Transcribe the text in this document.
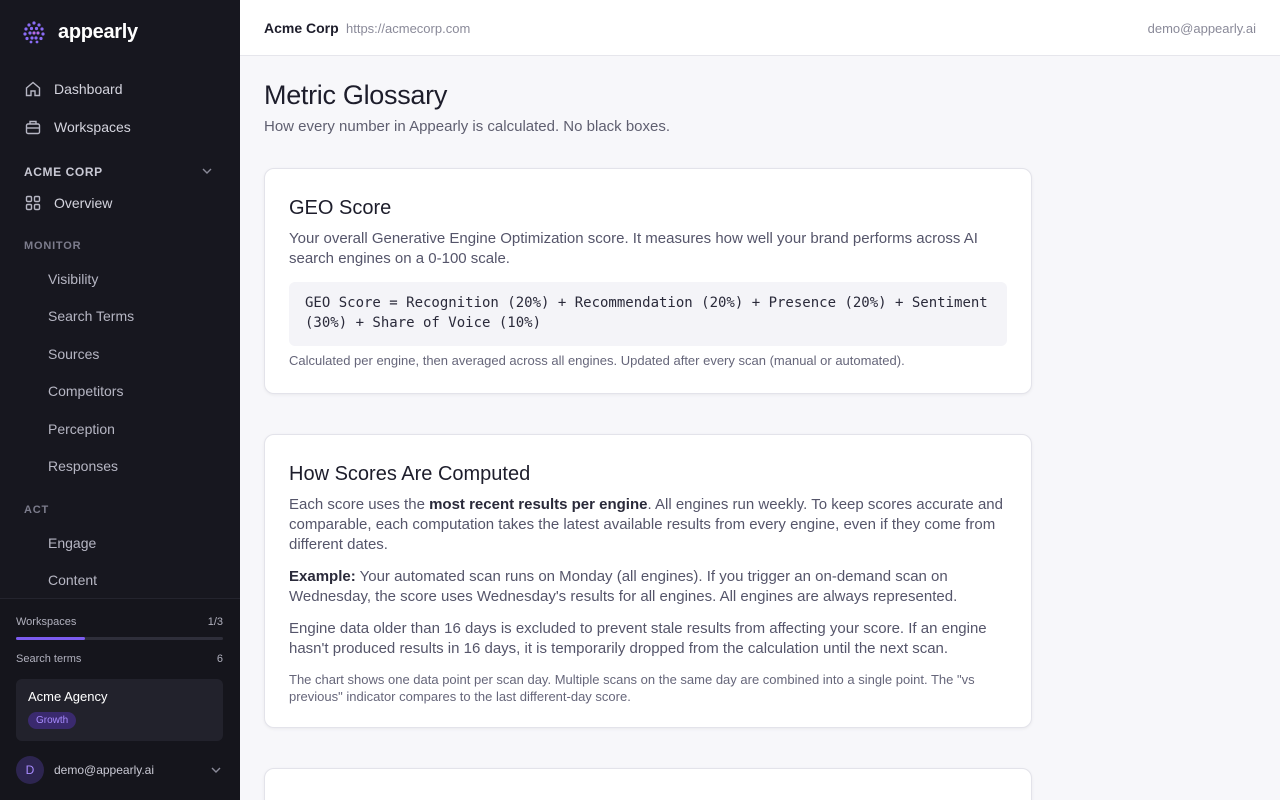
appearly
Dashboard
Workspaces
ACME CORP
Overview
MONITOR
Visibility
Search Terms
Sources
Competitors
Perception
Responses
ACT
Engage
Content
Workspaces	1/3
Search terms	6
Acme Agency
Growth
D	demo@appearly.ai
Acme Corp https://acmecorp.com	demo@appearly.ai
Metric Glossary

How every number in Appearly is calculated. No black boxes.

GEO Score

Your overall Generative Engine Optimization score. It measures how well your brand performs across AI search engines on a 0-100 scale.

GEO Score = Recognition (20%) + Recommendation (20%) + Presence (20%) + Sentiment (30%) + Share of Voice (10%)

Calculated per engine, then averaged across all engines. Updated after every scan (manual or automated).

How Scores Are Computed

Each score uses the most recent results per engine. All engines run weekly. To keep scores accurate and comparable, each computation takes the latest available results from every engine, even if they come from different dates.

Example: Your automated scan runs on Monday (all engines). If you trigger an on-demand scan on Wednesday, the score uses Wednesday's results for all engines. All engines are always represented.

Engine data older than 16 days is excluded to prevent stale results from affecting your score. If an engine hasn't produced results in 16 days, it is temporarily dropped from the calculation until the next scan.

The chart shows one data point per scan day. Multiple scans on the same day are combined into a single point. The "vs previous" indicator compares to the last different-day score.
